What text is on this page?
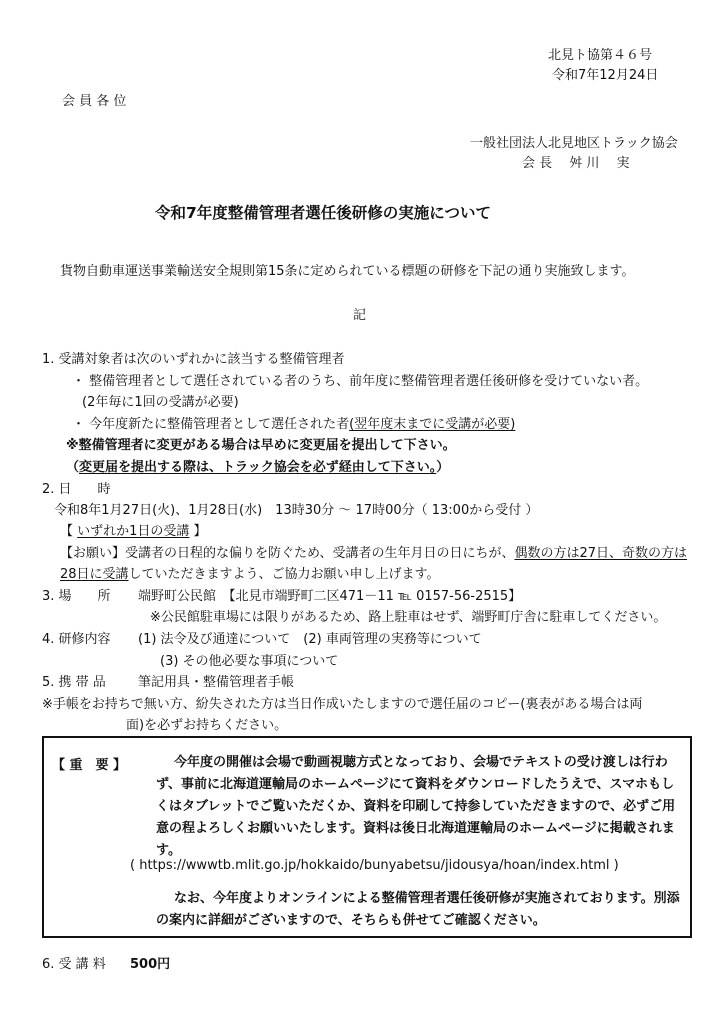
北見ト協第４６号
令和7年12月24日
会 員 各 位
一般社団法人北見地区トラック協会
会 長　 舛 川　 実
令和7年度整備管理者選任後研修の実施について
貨物自動車運送事業輸送安全規則第15条に定められている標題の研修を下記の通り実施致します。
記
1. 受講対象者は次のいずれかに該当する整備管理者
・ 整備管理者として選任されている者のうち、前年度に整備管理者選任後研修を受けていない者。
(2年毎に1回の受講が必要)
・ 今年度新たに整備管理者として選任された者(翌年度末までに受講が必要)
※整備管理者に変更がある場合は早めに変更届を提出して下さい。
（変更届を提出する際は、トラック協会を必ず経由して下さい。）
2. 日　　時
令和8年1月27日(火)、1月28日(水)　13時30分 ～ 17時00分（ 13:00から受付 ）
【 いずれか1日の受講 】
【お願い】受講者の日程的な偏りを防ぐため、受講者の生年月日の日にちが、偶数の方は27日、奇数の方は
28日に受講していただきますよう、ご協力お願い申し上げます。
3. 場　　所 端野町公民館　【北見市端野町二区471－11 ℡ 0157-56-2515】
※公民館駐車場には限りがあるため、路上駐車はせず、端野町庁舎に駐車してください。
4. 研修内容 (1) 法令及び通達について　(2) 車両管理の実務等について
(3) その他必要な事項について
5. 携 帯 品 筆記用具・整備管理者手帳
※手帳をお持ちで無い方、紛失された方は当日作成いたしますので選任届のコピー(裏表がある場合は両
面)を必ずお持ちください。
【 重　要 】	今年度の開催は会場で動画視聴方式となっており、会場でテキストの受け渡しは行わず、事前に北海道運輸局のホームページにて資料をダウンロードしたうえで、スマホもしくはタブレットでご覧いただくか、資料を印刷して持参していただきますので、必ずご用意の程よろしくお願いいたします。資料は後日北海道運輸局のホームページに掲載されます。
( https://wwwtb.mlit.go.jp/hokkaido/bunyabetsu/jidousya/hoan/index.html )
なお、今年度よりオンラインによる整備管理者選任後研修が実施されております。別添の案内に詳細がございますので、そちらも併せてご確認ください。
6. 受 講 料 500円
